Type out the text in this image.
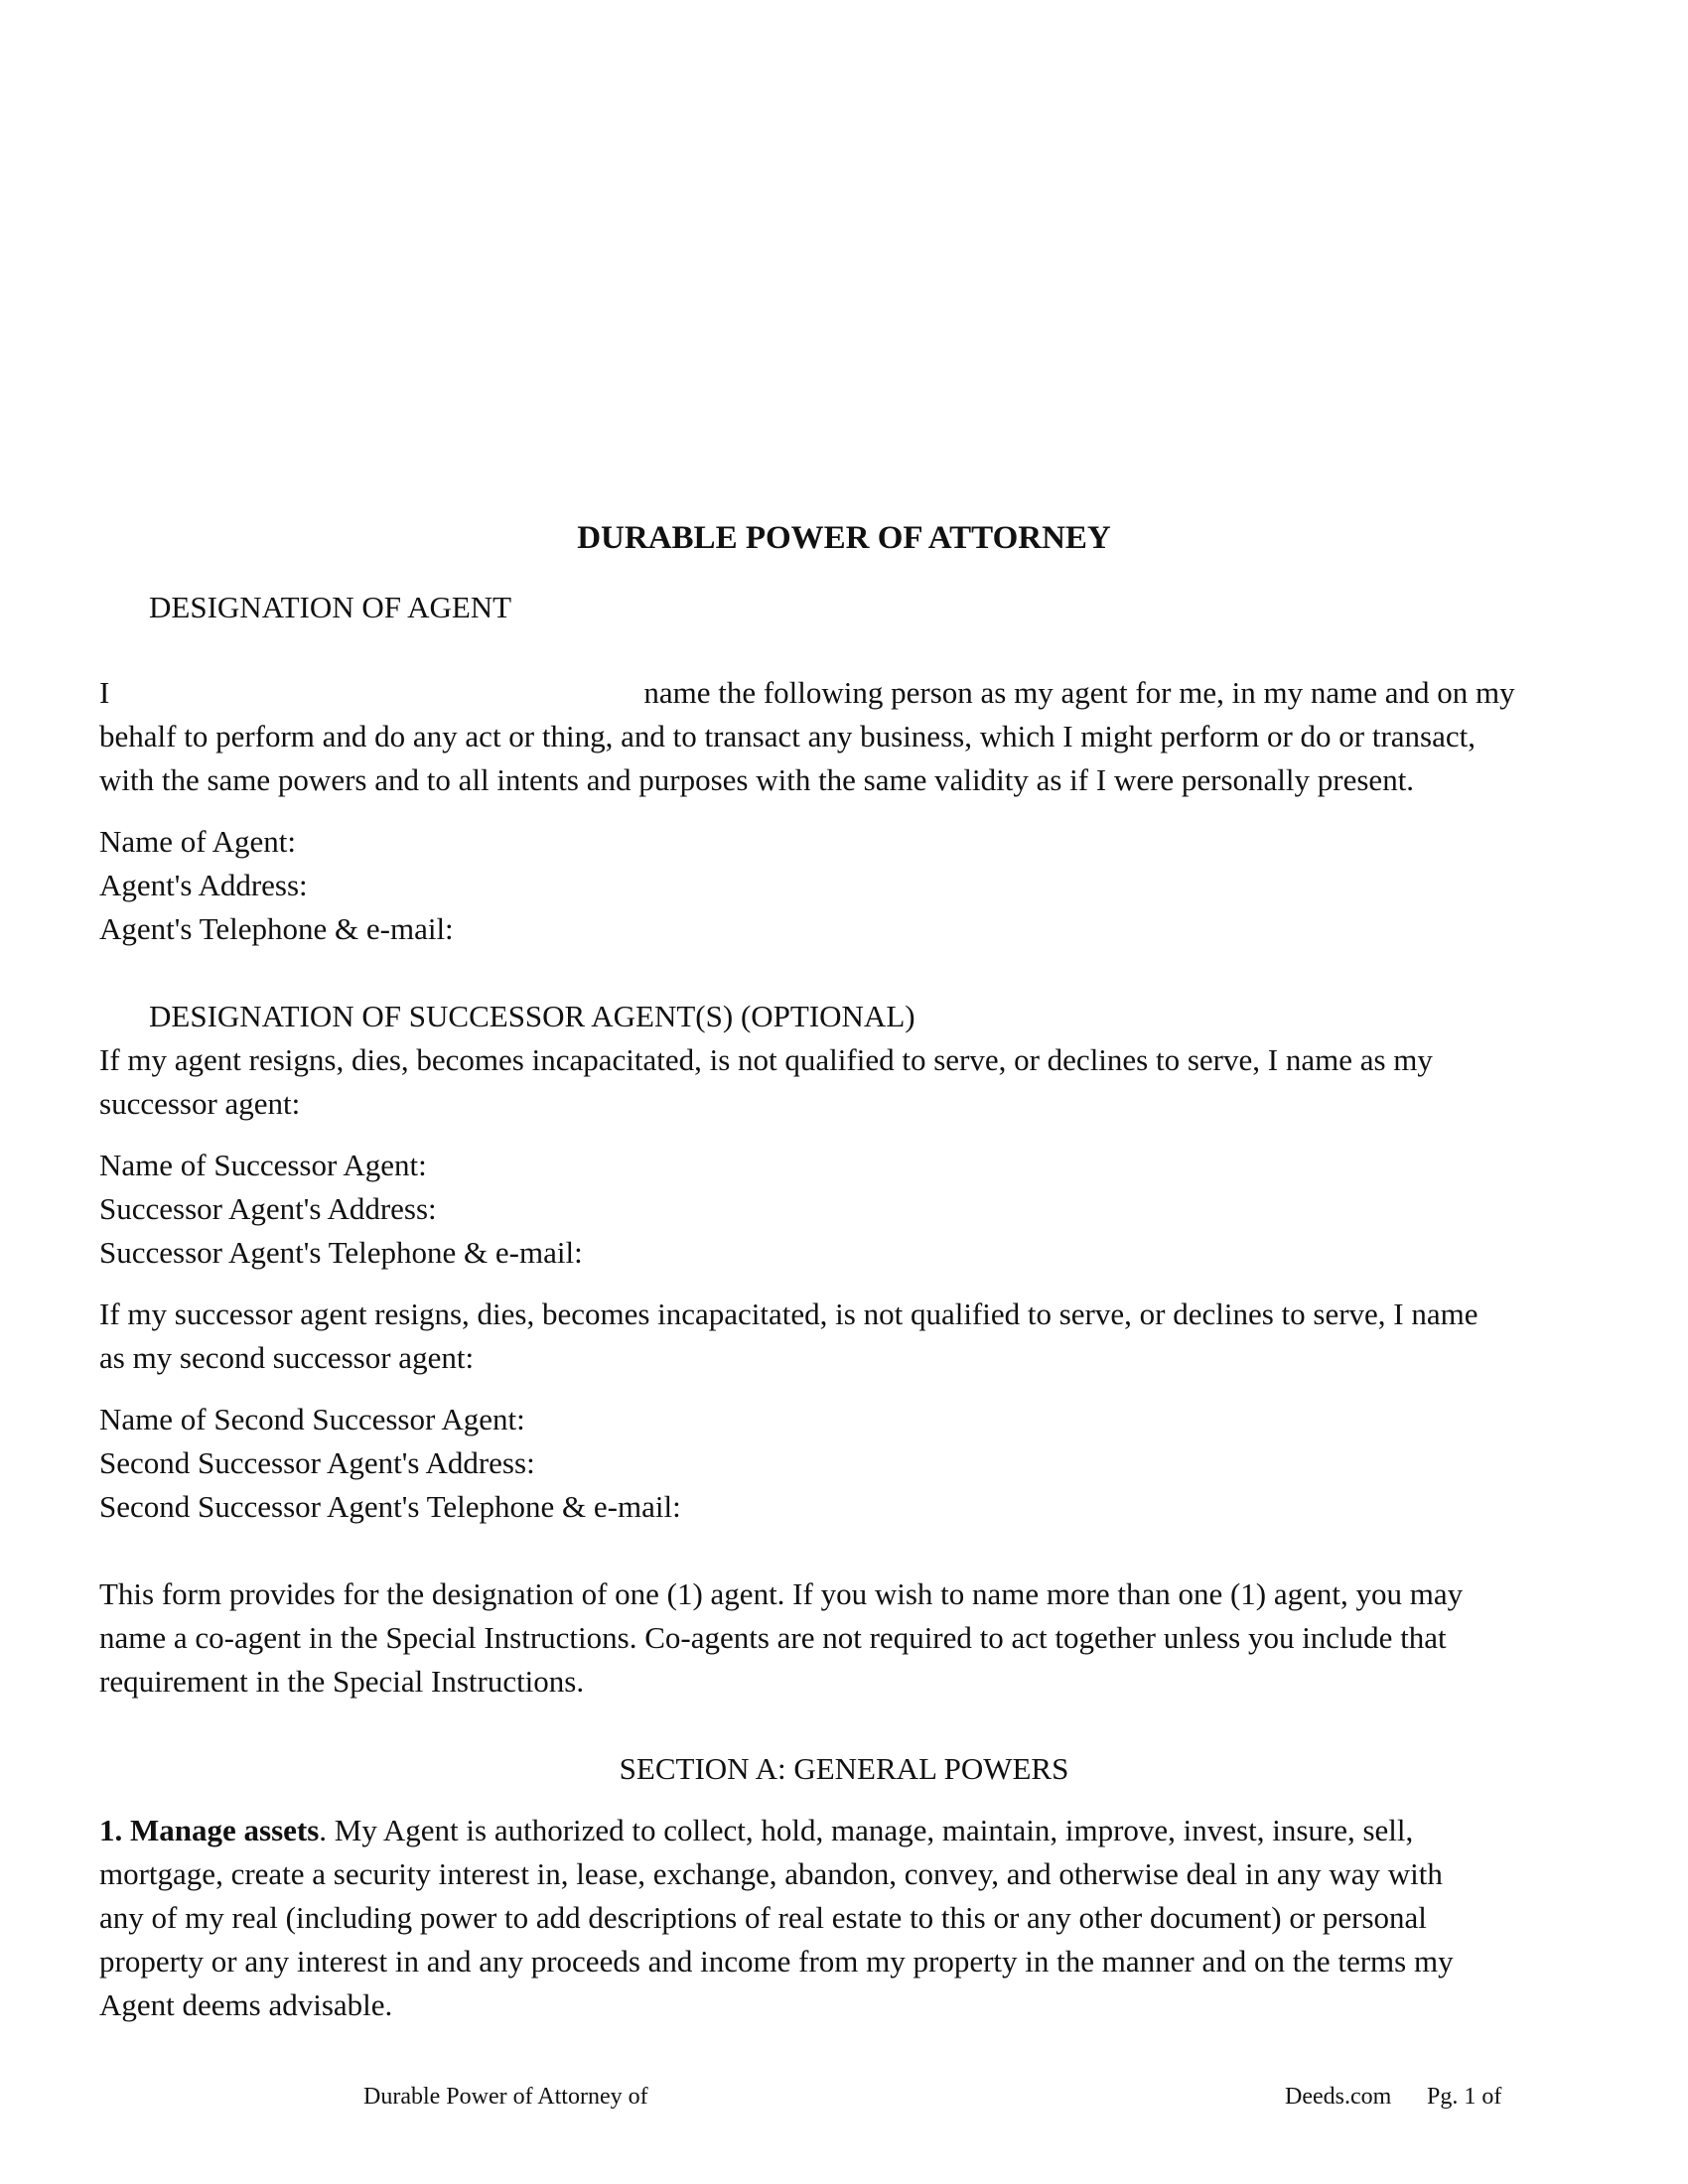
DURABLE POWER OF ATTORNEY
DESIGNATION OF AGENT
I	name the following person as my agent for me, in my name and on my
behalf to perform and do any act or thing, and to transact any business, which I might perform or do or transact,
with the same powers and to all intents and purposes with the same validity as if I were personally present.
Name of Agent:
Agent's Address:
Agent's Telephone & e-mail:
DESIGNATION OF SUCCESSOR AGENT(S) (OPTIONAL)
If my agent resigns, dies, becomes incapacitated, is not qualified to serve, or declines to serve, I name as my
successor agent:
Name of Successor Agent:
Successor Agent's Address:
Successor Agent's Telephone & e-mail:
If my successor agent resigns, dies, becomes incapacitated, is not qualified to serve, or declines to serve, I name
as my second successor agent:
Name of Second Successor Agent:
Second Successor Agent's Address:
Second Successor Agent's Telephone & e-mail:
This form provides for the designation of one (1) agent. If you wish to name more than one (1) agent, you may
name a co-agent in the Special Instructions. Co-agents are not required to act together unless you include that
requirement in the Special Instructions.
SECTION A: GENERAL POWERS
1. Manage assets. My Agent is authorized to collect, hold, manage, maintain, improve, invest, insure, sell,
mortgage, create a security interest in, lease, exchange, abandon, convey, and otherwise deal in any way with
any of my real (including power to add descriptions of real estate to this or any other document) or personal
property or any interest in and any proceeds and income from my property in the manner and on the terms my
Agent deems advisable.
Durable Power of Attorney of	Deeds.com Pg. 1 of
